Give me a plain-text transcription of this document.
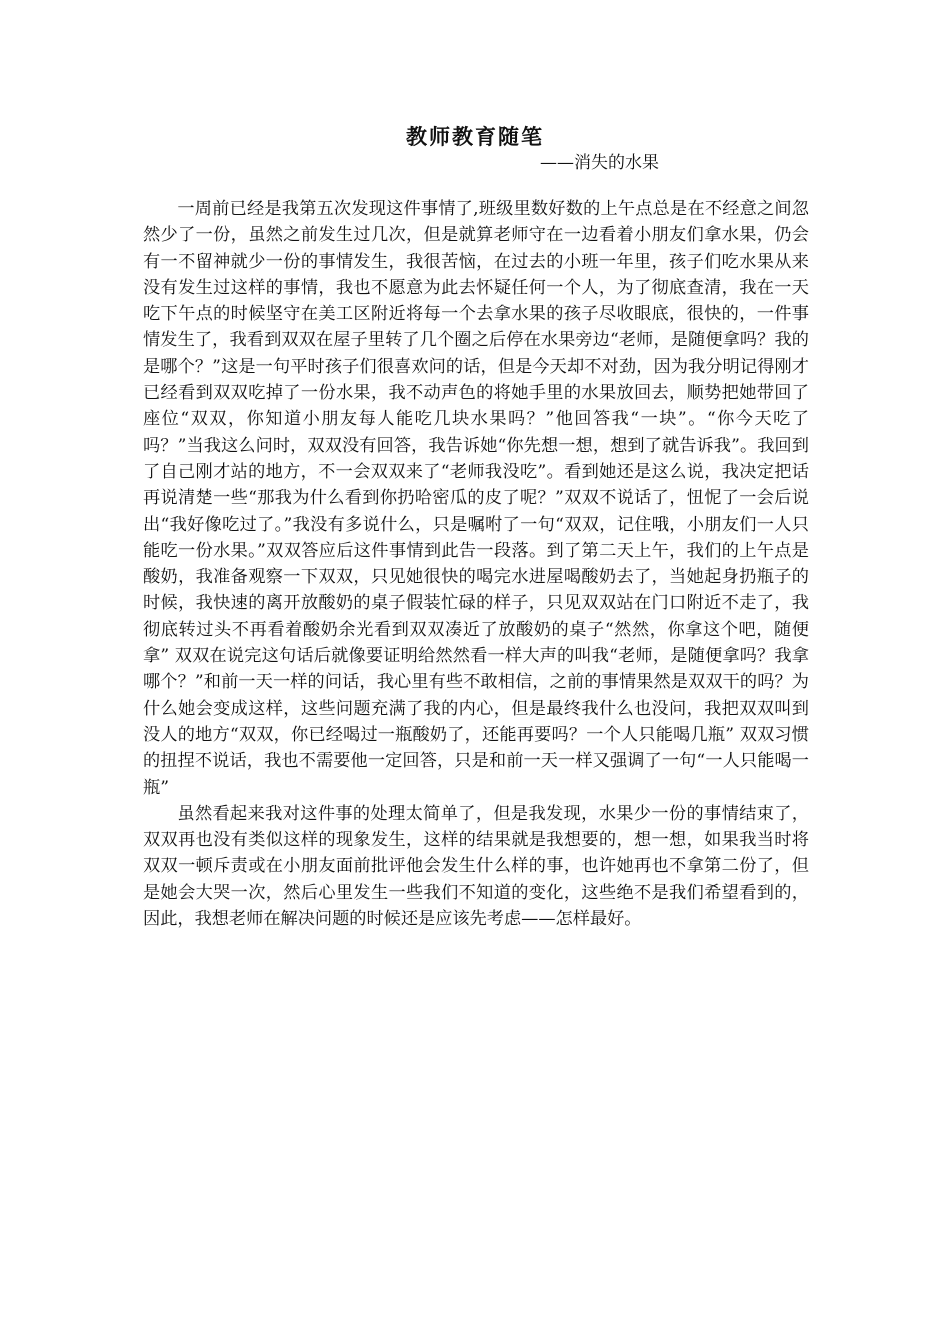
教师教育随笔
——消失的水果

一周前已经是我第五次发现这件事情了,班级里数好数的上午点总是在不经意之间忽然少了一份，虽然之前发生过几次，但是就算老师守在一边看着小朋友们拿水果，仍会有一不留神就少一份的事情发生，我很苦恼，在过去的小班一年里，孩子们吃水果从来没有发生过这样的事情，我也不愿意为此去怀疑任何一个人，为了彻底查清，我在一天吃下午点的时候坚守在美工区附近将每一个去拿水果的孩子尽收眼底，很快的，一件事情发生了，我看到双双在屋子里转了几个圈之后停在水果旁边“老师，是随便拿吗？我的是哪个？”这是一句平时孩子们很喜欢问的话，但是今天却不对劲，因为我分明记得刚才已经看到双双吃掉了一份水果，我不动声色的将她手里的水果放回去，顺势把她带回了座位“双双，你知道小朋友每人能吃几块水果吗？”他回答我“一块”。“你今天吃了吗？”当我这么问时，双双没有回答，我告诉她“你先想一想，想到了就告诉我”。我回到了自己刚才站的地方，不一会双双来了“老师我没吃”。看到她还是这么说，我决定把话再说清楚一些“那我为什么看到你扔哈密瓜的皮了呢？”双双不说话了，忸怩了一会后说出“我好像吃过了。”我没有多说什么，只是嘱咐了一句“双双，记住哦，小朋友们一人只能吃一份水果。”双双答应后这件事情到此告一段落。到了第二天上午，我们的上午点是酸奶，我准备观察一下双双，只见她很快的喝完水进屋喝酸奶去了，当她起身扔瓶子的时候，我快速的离开放酸奶的桌子假装忙碌的样子，只见双双站在门口附近不走了，我彻底转过头不再看着酸奶余光看到双双凑近了放酸奶的桌子“然然，你拿这个吧，随便拿” 双双在说完这句话后就像要证明给然然看一样大声的叫我“老师，是随便拿吗？我拿哪个？”和前一天一样的问话，我心里有些不敢相信，之前的事情果然是双双干的吗？为什么她会变成这样，这些问题充满了我的内心，但是最终我什么也没问，我把双双叫到没人的地方“双双，你已经喝过一瓶酸奶了，还能再要吗？一个人只能喝几瓶” 双双习惯的扭捏不说话，我也不需要他一定回答，只是和前一天一样又强调了一句“一人只能喝一瓶”

虽然看起来我对这件事的处理太简单了，但是我发现，水果少一份的事情结束了，双双再也没有类似这样的现象发生，这样的结果就是我想要的，想一想，如果我当时将双双一顿斥责或在小朋友面前批评他会发生什么样的事，也许她再也不拿第二份了，但是她会大哭一次，然后心里发生一些我们不知道的变化，这些绝不是我们希望看到的，因此，我想老师在解决问题的时候还是应该先考虑——怎样最好。
